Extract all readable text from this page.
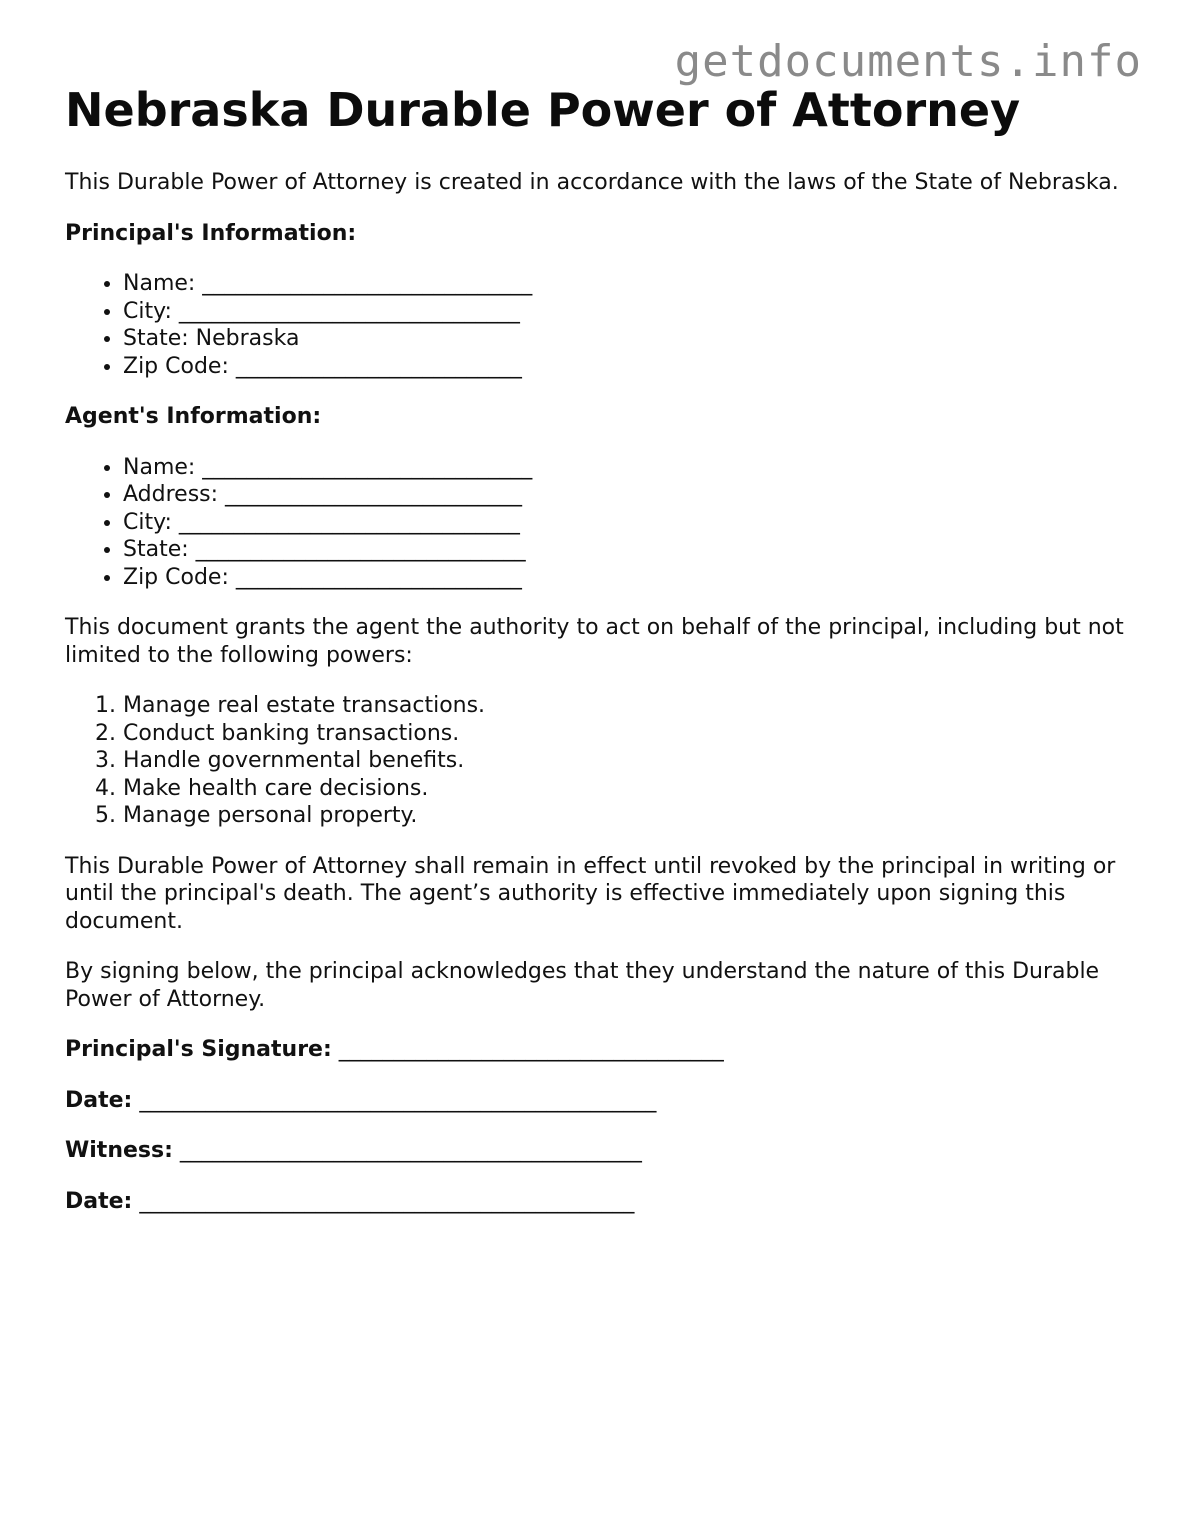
getdocuments.info
Nebraska Durable Power of Attorney

This Durable Power of Attorney is created in accordance with the laws of the State of Nebraska.

Principal's Information:
• Name: ______________________________
• City: _______________________________
• State: Nebraska
• Zip Code: __________________________
Agent's Information:
• Name: ______________________________
• Address: ___________________________
• City: _______________________________
• State: ______________________________
• Zip Code: __________________________

This document grants the agent the authority to act on behalf of the principal, including but not limited to the following powers:

1. Manage real estate transactions.
2. Conduct banking transactions.
3. Handle governmental benefits.
4. Make health care decisions.
5. Manage personal property.

This Durable Power of Attorney shall remain in effect until revoked by the principal in writing or until the principal's death. The agent’s authority is effective immediately upon signing this document.

By signing below, the principal acknowledges that they understand the nature of this Durable Power of Attorney.

Principal's Signature: ___________________________________
Date: _______________________________________________
Witness: __________________________________________
Date: _____________________________________________
